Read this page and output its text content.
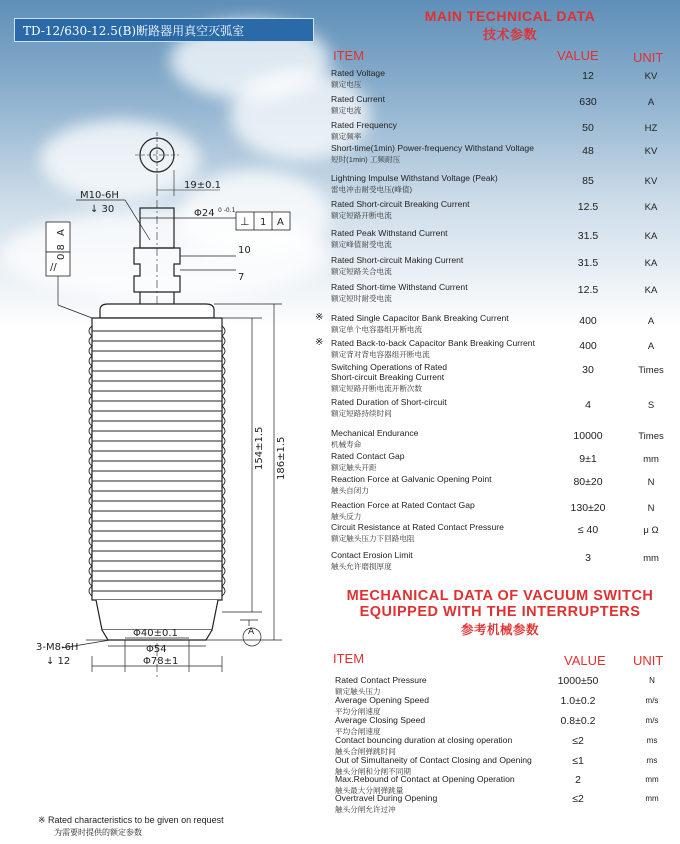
TD-12/630-12.5(B)断路器用真空灭弧室
M10-6H
↓ 30
19±0.1
Φ24 0 -0.1
⊥ 1 A
10
7
A
3-M8-6H
↓ 12
Φ40±0.1
Φ54
Φ78±1
0.8
A
//
154±1.5 186±1.5
MAIN TECHNICAL DATA
技术参数
ITEM	VALUE	UNIT
Rated Voltage
额定电压
12	KV
Rated Current
额定电流
630	A
Rated Frequency
额定频率
50	HZ
Short-time(1min) Power-frequency Withstand Voltage
短时(1min) 工频耐压
48	KV
Lightning Impulse Withstand Voltage (Peak)
雷电冲击耐受电压(峰值)
85	KV
Rated Short-circuit Breaking Current
额定短路开断电流
12.5	KA
Rated Peak Withstand Current
额定峰值耐受电流
31.5	KA
Rated Short-circuit Making Current
额定短路关合电流
31.5	KA
Rated Short-time Withstand Current
额定短时耐受电流
12.5	KA
※ Rated Single Capacitor Bank Breaking Current
额定单个电容器组开断电流
400	A
※ Rated Back-to-back Capacitor Bank Breaking Current
额定背对背电容器组开断电流
400	A
Switching Operations of Rated
Short-circuit Breaking Current
额定短路开断电流开断次数
30	Times
Rated Duration of Short-circuit
额定短路持续时间
4	S
Mechanical Endurance
机械寿命
10000	Times
Rated Contact Gap
额定触头开距
9±1	mm
Reaction Force at Galvanic Opening Point
触头自闭力
80±20	N
Reaction Force at Rated Contact Gap
触头反力
130±20	N
Circuit Resistance at Rated Contact Pressure
额定触头压力下回路电阻
≤ 40	μ Ω
Contact Erosion Limit
触头允许磨损厚度
3	mm
MECHANICAL DATA OF VACUUM SWITCH
EQUIPPED WITH THE INTERRUPTERS
参考机械参数
ITEM	VALUE UNIT
Rated Contact Pressure
额定触头压力
1000±50	N
Average Opening Speed
平均分闸速度
1.0±0.2	m/s
Average Closing Speed
平均合闸速度
0.8±0.2	m/s
Contact bouncing duration at closing operation
触头合闸弹跳时间
≤2	ms
Out of Simultaneity of Contact Closing and Opening
触头分闸和分闸不同期
≤1	ms
Max.Rebound of Contact at Opening Operation
触头最大分闸弹跳量
2	mm
Overtravel During Opening
触头分闸允许过冲
≤2	mm
※ Rated characteristics to be given on request
为需要时提供的额定参数
